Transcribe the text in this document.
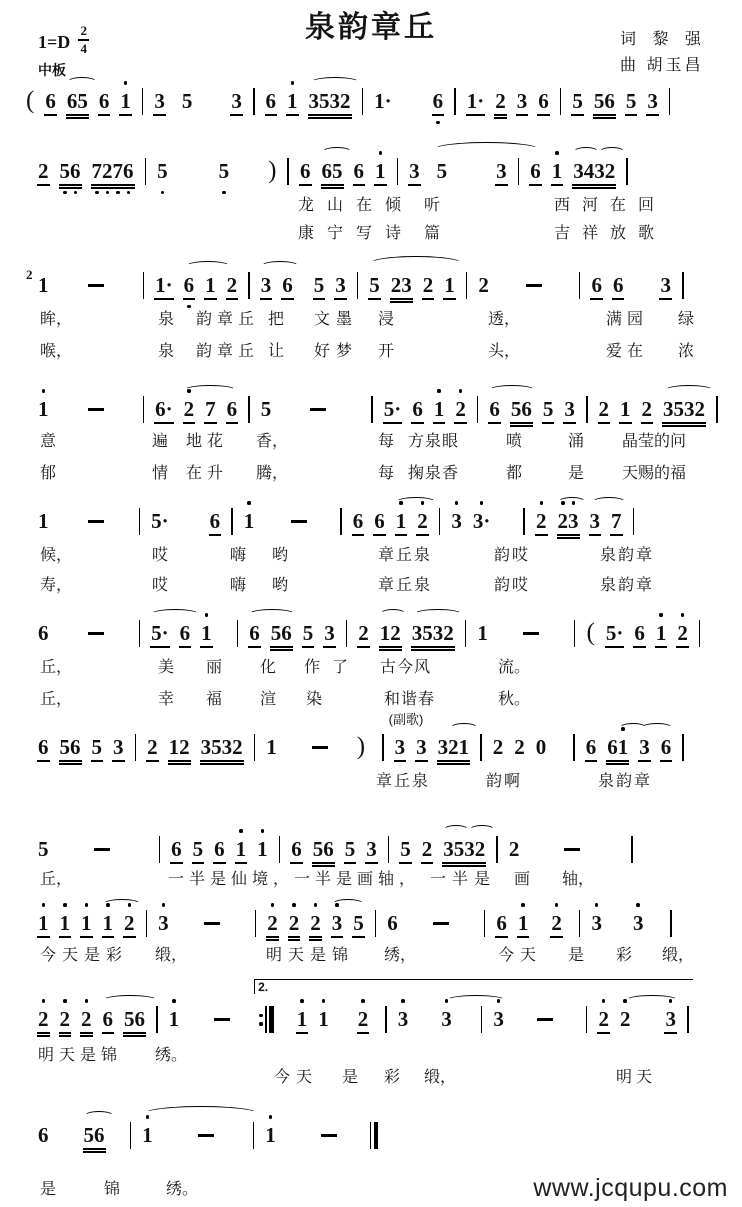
泉韵章丘
1=D
2
4
中板
词 黎 强
曲 胡玉昌
( 6 65 6 1 3 5 3 6 1 3532 1· 6 1· 2 3 6 5 56 5 3
2 56 7276 5 5 ) 6 65 6 1 3 5 3 6 1 3432
龙山在倾 听	西河在回
康宁写诗 篇	吉祥放歌
1
2	1· 6 1 2 3 6 5 3 5 23 2 1 2	6 6 3
眸，	泉 韵章丘 把 文墨 浸	透，	满园 绿
喉，	泉 韵章丘 让 好梦 开	头，	爱在 浓
1	6· 2 7 6 5	5· 6 1 2 6 56 5 3 2 1 2 3532
意	遍 地花 香，	每 方泉眼	喷	涌 晶莹的问
郁	情 在升 腾，	每 掬泉香	都	是 天赐的福
1	5· 6 1	6 6 1 2 3 3· 2 23 3 7
候，	哎	嗨 哟	章丘泉	韵哎	泉韵章
寿，	哎	嗨 哟	章丘泉	韵哎	泉韵章
6	5· 6 1 6 56 5 3 2 12 3532 1	( 5· 6 1 2
丘，	美 丽 化 作了 古今风	流。
丘，	幸 福 渲 染	和谐春	秋。
6 56 5 3 2 12 3532 1	) 3
(副歌)
3 321 2 2 0 6 61 3 6
章丘泉	韵啊	泉韵章
5	6 5 6 1 1 6 56 5 3 5 2 3532 2
丘，	一半是仙境， 一半是画轴， 一半是 画 轴，
1 1 1 1 2 3	2 2 2 3 5 6	6 1 2 3 3
今天是彩 缎，	明天是锦 绣，	今天 是 彩 缎，
2 2 2 6 56 1
2.
1 1 2 3 3 3	2 2 3
明天是锦 绣。
今天 是 彩 缎，	明天
6 56 1	1
是	锦	绣。	www.jcqupu.com
